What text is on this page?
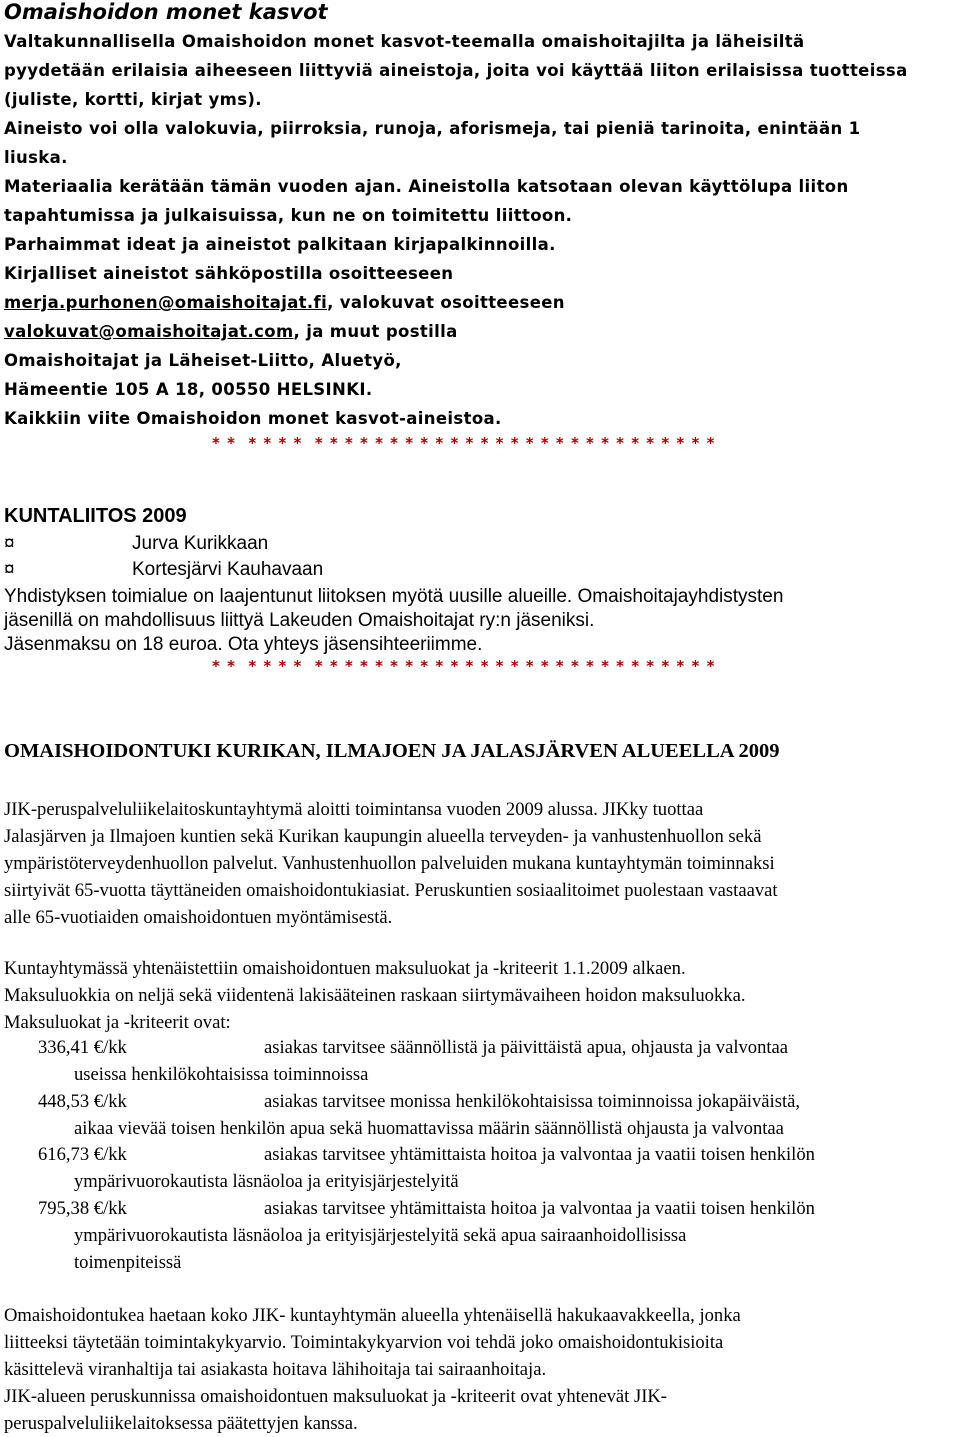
Omaishoidon monet kasvot
Valtakunnallisella Omaishoidon monet kasvot-teemalla omaishoitajilta ja läheisiltä
pyydetään erilaisia aiheeseen liittyviä aineistoja, joita voi käyttää liiton erilaisissa tuotteissa
(juliste, kortti, kirjat yms).
Aineisto voi olla valokuvia, piirroksia, runoja, aforismeja, tai pieniä tarinoita, enintään 1
liuska.
Materiaalia kerätään tämän vuoden ajan. Aineistolla katsotaan olevan käyttölupa liiton
tapahtumissa ja julkaisuissa, kun ne on toimitettu liittoon.
Parhaimmat ideat ja aineistot palkitaan kirjapalkinnoilla.
Kirjalliset aineistot sähköpostilla osoitteeseen
merja.purhonen@omaishoitajat.fi, valokuvat osoitteeseen
valokuvat@omaishoitajat.com, ja muut postilla
Omaishoitajat ja Läheiset-Liitto, Aluetyö,
Hämeentie 105 A 18, 00550 HELSINKI.
Kaikkiin viite Omaishoidon monet kasvot-aineistoa.
* *  * * * *  * * * * * * * * * * * * * * * * * * * * * * * * * * *
KUNTALIITOS 2009
¤	Jurva Kurikkaan
¤	Kortesjärvi Kauhavaan
Yhdistyksen toimialue on laajentunut liitoksen myötä uusille alueille. Omaishoitajayhdistysten
jäsenillä on mahdollisuus liittyä Lakeuden Omaishoitajat ry:n jäseniksi.
Jäsenmaksu on 18 euroa. Ota yhteys jäsensihteeriimme.
* *  * * * *  * * * * * * * * * * * * * * * * * * * * * * * * * * *
OMAISHOIDONTUKI KURIKAN, ILMAJOEN JA JALASJÄRVEN ALUEELLA 2009
JIK-peruspalveluliikelaitoskuntayhtymä aloitti toimintansa vuoden 2009 alussa. JIKky tuottaa
Jalasjärven ja Ilmajoen kuntien sekä Kurikan kaupungin alueella terveyden- ja vanhustenhuollon sekä
ympäristöterveydenhuollon palvelut. Vanhustenhuollon palveluiden mukana kuntayhtymän toiminnaksi
siirtyivät 65-vuotta täyttäneiden omaishoidontukiasiat. Peruskuntien sosiaalitoimet puolestaan vastaavat
alle 65-vuotiaiden omaishoidontuen myöntämisestä.
Kuntayhtymässä yhtenäistettiin omaishoidontuen maksuluokat ja -kriteerit 1.1.2009 alkaen.
Maksuluokkia on neljä sekä viidentenä lakisääteinen raskaan siirtymävaiheen hoidon maksuluokka.
Maksuluokat ja -kriteerit ovat:
336,41 €/kk	asiakas tarvitsee säännöllistä ja päivittäistä apua, ohjausta ja valvontaa
useissa henkilökohtaisissa toiminnoissa
448,53 €/kk	asiakas tarvitsee monissa henkilökohtaisissa toiminnoissa jokapäiväistä,
aikaa vievää toisen henkilön apua sekä huomattavissa määrin säännöllistä ohjausta ja valvontaa
616,73 €/kk	asiakas tarvitsee yhtämittaista hoitoa ja valvontaa ja vaatii toisen henkilön
ympärivuorokautista läsnäoloa ja erityisjärjestelyitä
795,38 €/kk	asiakas tarvitsee yhtämittaista hoitoa ja valvontaa ja vaatii toisen henkilön
ympärivuorokautista läsnäoloa ja erityisjärjestelyitä sekä apua sairaanhoidollisissa
toimenpiteissä
Omaishoidontukea haetaan koko JIK- kuntayhtymän alueella yhtenäisellä hakukaavakkeella, jonka
liitteeksi täytetään toimintakykyarvio. Toimintakykyarvion voi tehdä joko omaishoidontukisioita
käsittelevä viranhaltija tai asiakasta hoitava lähihoitaja tai sairaanhoitaja.
JIK-alueen peruskunnissa omaishoidontuen maksuluokat ja -kriteerit ovat yhtenevät JIK-
peruspalveluliikelaitoksessa päätettyjen kanssa.
